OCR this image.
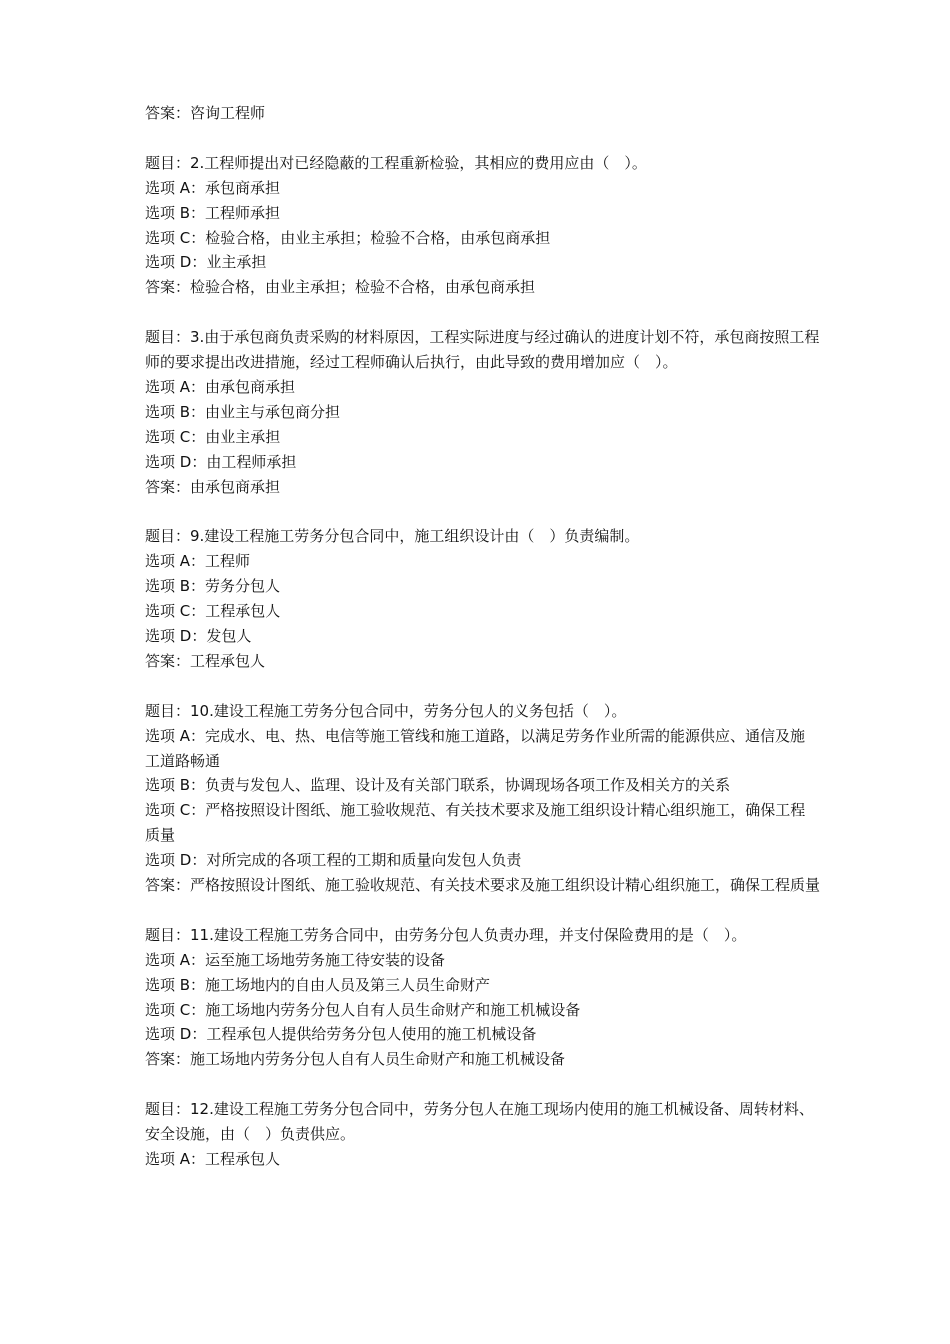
答案：咨询工程师

题目：2.工程师提出对已经隐蔽的工程重新检验，其相应的费用应由（　）。

选项 A：承包商承担

选项 B：工程师承担

选项 C：检验合格，由业主承担；检验不合格，由承包商承担

选项 D：业主承担

答案：检验合格，由业主承担；检验不合格，由承包商承担

题目：3.由于承包商负责采购的材料原因，工程实际进度与经过确认的进度计划不符，承包商按照工程师的要求提出改进措施，经过工程师确认后执行，由此导致的费用增加应（　）。

选项 A：由承包商承担

选项 B：由业主与承包商分担

选项 C：由业主承担

选项 D：由工程师承担

答案：由承包商承担

题目：9.建设工程施工劳务分包合同中，施工组织设计由（　）负责编制。

选项 A：工程师

选项 B：劳务分包人

选项 C：工程承包人

选项 D：发包人

答案：工程承包人

题目：10.建设工程施工劳务分包合同中，劳务分包人的义务包括（　）。

选项 A：完成水、电、热、电信等施工管线和施工道路，以满足劳务作业所需的能源供应、通信及施工道路畅通

选项 B：负责与发包人、监理、设计及有关部门联系，协调现场各项工作及相关方的关系

选项 C：严格按照设计图纸、施工验收规范、有关技术要求及施工组织设计精心组织施工，确保工程质量

选项 D：对所完成的各项工程的工期和质量向发包人负责

答案：严格按照设计图纸、施工验收规范、有关技术要求及施工组织设计精心组织施工，确保工程质量

题目：11.建设工程施工劳务合同中，由劳务分包人负责办理，并支付保险费用的是（　）。

选项 A：运至施工场地劳务施工待安装的设备

选项 B：施工场地内的自由人员及第三人员生命财产

选项 C：施工场地内劳务分包人自有人员生命财产和施工机械设备

选项 D：工程承包人提供给劳务分包人使用的施工机械设备

答案：施工场地内劳务分包人自有人员生命财产和施工机械设备

题目：12.建设工程施工劳务分包合同中，劳务分包人在施工现场内使用的施工机械设备、周转材料、安全设施，由（　）负责供应。

选项 A：工程承包人
